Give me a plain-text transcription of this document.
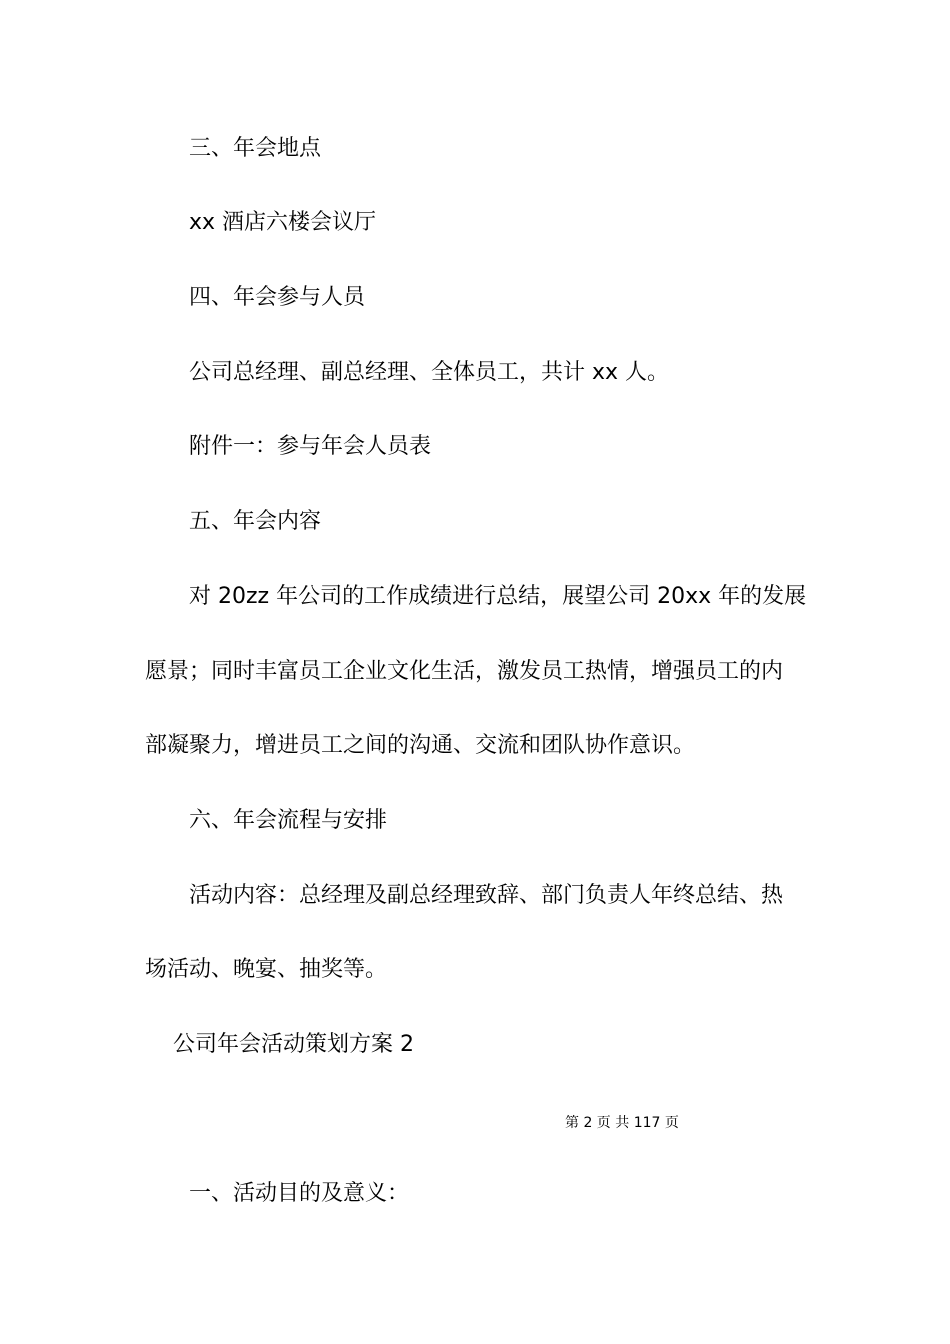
三、年会地点

xx 酒店六楼会议厅

四、年会参与人员

公司总经理、副总经理、全体员工，共计 xx 人。

附件一：参与年会人员表

五、年会内容

对 20zz 年公司的工作成绩进行总结，展望公司 20xx 年的发展

愿景；同时丰富员工企业文化生活，激发员工热情，增强员工的内

部凝聚力，增进员工之间的沟通、交流和团队协作意识。

六、年会流程与安排

活动内容：总经理及副总经理致辞、部门负责人年终总结、热

场活动、晚宴、抽奖等。

公司年会活动策划方案 2

第 2 页 共 117 页

一、活动目的及意义：
